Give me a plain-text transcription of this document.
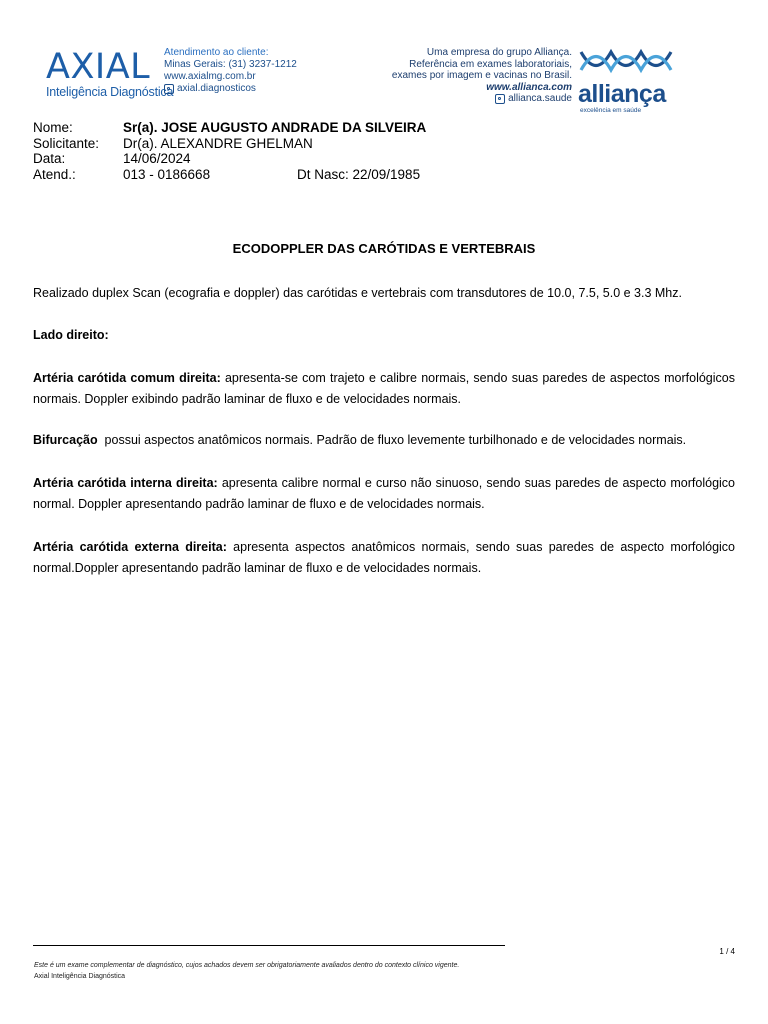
AXIAL
Inteligência Diagnóstica
Atendimento ao cliente:
Minas Gerais: (31) 3237-1212
www.axialmg.com.br
axial.diagnosticos
Uma empresa do grupo Alliança.
Referência em exames laboratoriais,
exames por imagem e vacinas no Brasil.
www.allianca.com
allianca.saude alliança
excelência em saúde
Nome:	Sr(a). JOSE AUGUSTO ANDRADE DA SILVEIRA
Solicitante: Dr(a). ALEXANDRE GHELMAN
Data:	14/06/2024
Atend.:	013 - 0186668	Dt Nasc: 22/09/1985
ECODOPPLER DAS CARÓTIDAS E VERTEBRAIS
Realizado duplex Scan (ecografia e doppler) das carótidas e vertebrais com transdutores de 10.0, 7.5, 5.0 e 3.3 Mhz.
Lado direito:
Artéria carótida comum direita: apresenta-se com trajeto e calibre normais, sendo suas paredes de aspectos morfológicos normais. Doppler exibindo padrão laminar de fluxo e de velocidades normais.
Bifurcação  possui aspectos anatômicos normais. Padrão de fluxo levemente turbilhonado e de velocidades normais.
Artéria carótida interna direita: apresenta calibre normal e curso não sinuoso, sendo suas paredes de aspecto morfológico normal. Doppler apresentando padrão laminar de fluxo e de velocidades normais.
Artéria carótida externa direita: apresenta aspectos anatômicos normais, sendo suas paredes de aspecto morfológico normal.Doppler apresentando padrão laminar de fluxo e de velocidades normais.
1 / 4
Este é um exame complementar de diagnóstico, cujos achados devem ser obrigatoriamente avaliados dentro do contexto clínico vigente.
Axial Inteligência Diagnóstica
